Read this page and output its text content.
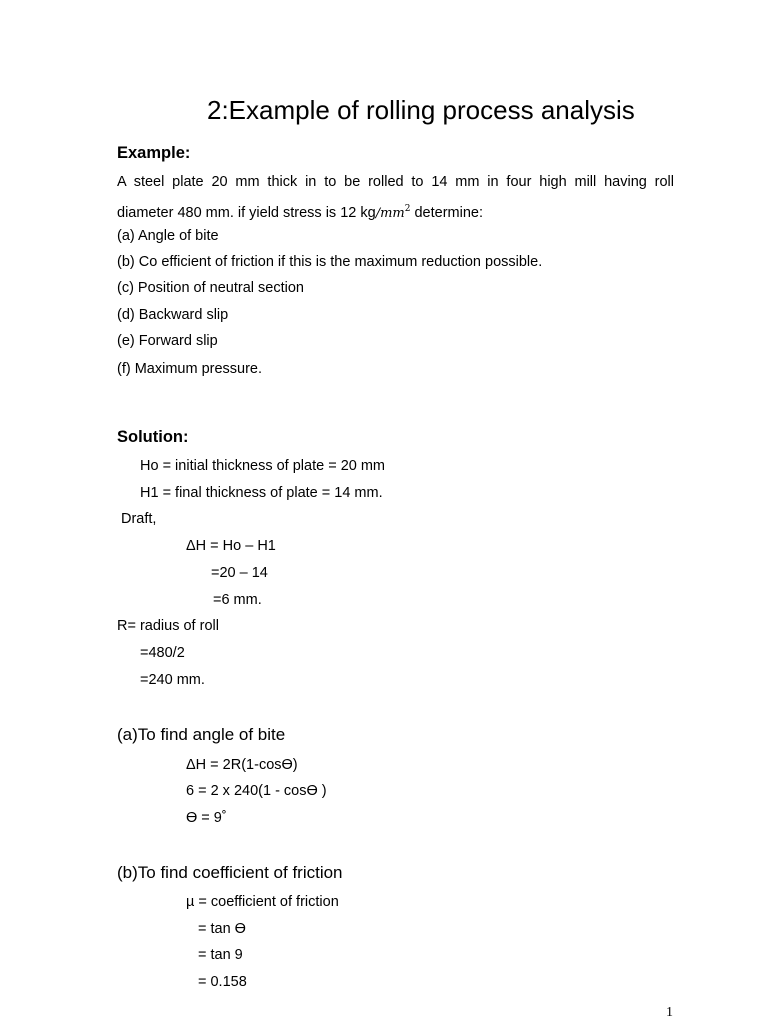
2:Example of rolling process analysis
Example:
A steel plate 20 mm thick in to be rolled to 14 mm in four high mill having roll
diameter 480 mm. if yield stress is 12 $kg/mm^2$ determine:
(a) Angle of bite
(b) Co efficient of friction if this is the maximum reduction possible.
(c) Position of neutral section
(d) Backward slip
(e) Forward slip
(f) Maximum pressure.
Solution:
Ho = initial thickness of plate = 20 mm
H1 = final thickness of plate = 14 mm.
Draft,
ΔH = Ho – H1
=20 – 14
=6 mm.
R= radius of roll
=480/2
=240 mm.
(a)To find angle of bite
ΔH = 2R(1-cosϴ)
6 = 2 x 240(1 - cosϴ )
ϴ = 9˚
(b)To find coefficient of friction
µ = coefficient of friction
= tan ϴ
= tan 9
= 0.158
1
